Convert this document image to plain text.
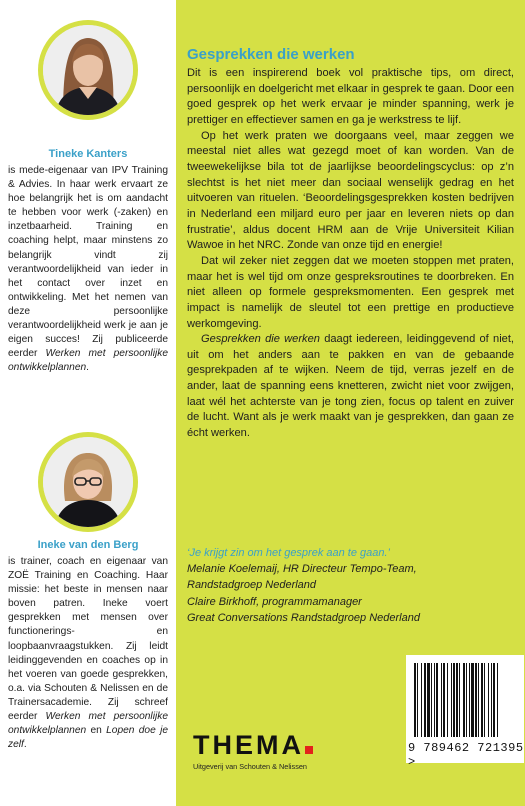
Tineke Kanters
is mede-eigenaar van IPV Training & Advies. In haar werk ervaart ze hoe belangrijk het is om aandacht te hebben voor werk (-zaken) en inzetbaarheid. Training en coaching helpt, maar minstens zo belangrijk vindt zij verantwoordelijkheid van ieder in het contact over inzet en ontwikkeling. Met het nemen van deze persoonlijke verantwoordelijkheid werk je aan je eigen succes! Zij publiceerde eerder Werken met persoonlijke ontwikkelplannen.
Ineke van den Berg
is trainer, coach en eigenaar van ZOË Training en Coaching. Haar missie: het beste in mensen naar boven patren. Ineke voert gesprekken met mensen over functionerings- en loopbaanvraagstukken. Zij leidt leidinggevenden en coaches op in het voeren van goede gesprekken, o.a. via Schouten & Nelissen en de Trainersacademie. Zij schreef eerder Werken met persoonlijke ontwikkelplannen en Lopen doe je zelf.
Gesprekken die werken

Dit is een inspirerend boek vol praktische tips, om direct, persoonlijk en doelgericht met elkaar in gesprek te gaan. Door een goed gesprek op het werk ervaar je minder spanning, werk je prettiger en effectiever samen en ga je werkstress te lijf.

Op het werk praten we doorgaans veel, maar zeggen we meestal niet alles wat gezegd moet of kan worden. Van de tweewekelijkse bila tot de jaarlijkse beoordelingscyclus: op z’n slechtst is het niet meer dan sociaal wenselijk gedrag en het uitvoeren van rituelen. ‘Beoordelingsgesprekken kosten bedrijven in Nederland een miljard euro per jaar en leveren niets op dan frustratie’, aldus docent HRM aan de Vrije Universiteit Kilian Wawoe in het NRC. Zonde van onze tijd en energie!

Dat wil zeker niet zeggen dat we moeten stoppen met praten, maar het is wel tijd om onze gespreksroutines te doorbreken. En niet alleen op formele gespreksmomenten. Een gesprek met impact is namelijk de sleutel tot een prettige en productieve werkomgeving.

Gesprekken die werken daagt iedereen, leidinggevend of niet, uit om het anders aan te pakken en van de gebaande gesprekpaden af te wijken. Neem de tijd, verras jezelf en de ander, laat de spanning eens knetteren, zwicht niet voor zwijgen, laat wél het achterste van je tong zien, focus op talent en zuiver de lucht. Want als je werk maakt van je gesprekken, dan gaan ze écht werken.

‘Je krijgt zin om het gesprek aan te gaan.’
Melanie Koelemaij, HR Directeur Tempo-Team,
Randstadgroep Nederland
Claire Birkhoff, programmamanager
Great Conversations Randstadgroep Nederland
THEMA
Uitgeverij van Schouten & Nelissen
9 789462 721395 >
